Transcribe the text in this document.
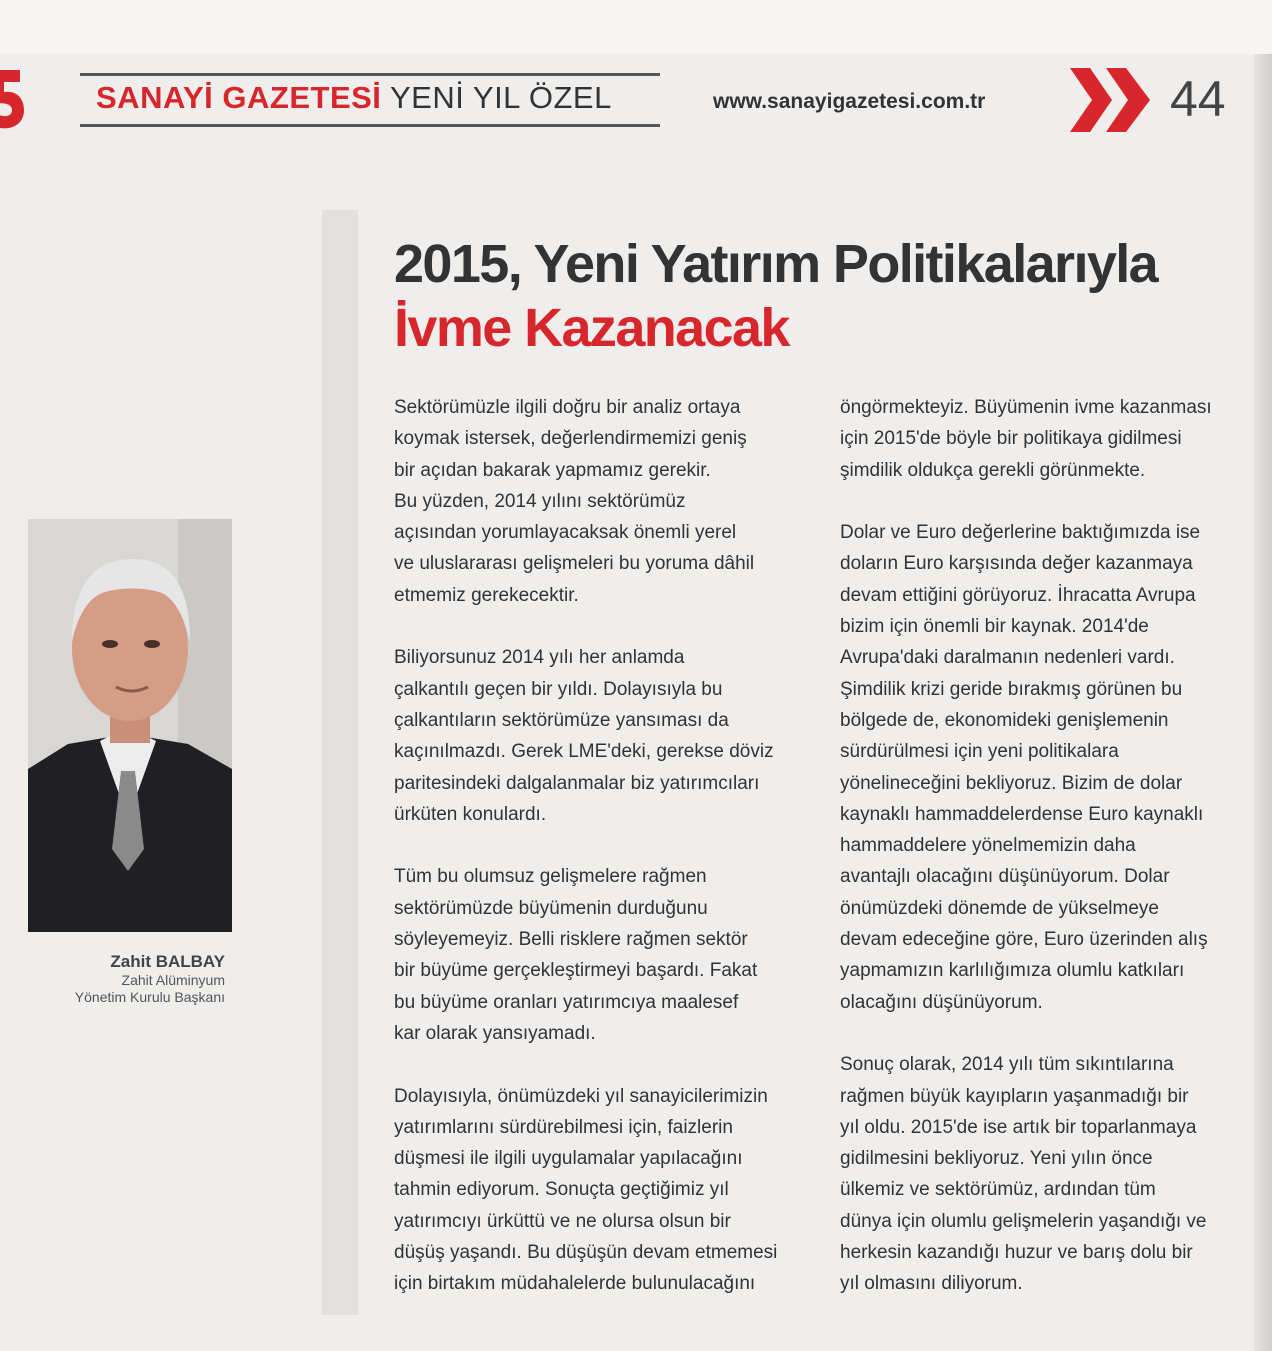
SANAYİ GAZETESİ YENİ YIL ÖZEL	www.sanayigazetesi.com.tr	44
2015, Yeni Yatırım Politikalarıyla
İvme Kazanacak
Zahit BALBAY
Zahit Alüminyum
Yönetim Kurulu Başkanı

Sektörümüzle ilgili doğru bir analiz ortaya
koymak istersek, değerlendirmemizi geniş
bir açıdan bakarak yapmamız gerekir.
Bu yüzden, 2014 yılını sektörümüz
açısından yorumlayacaksak önemli yerel
ve uluslararası gelişmeleri bu yoruma dâhil
etmemiz gerekecektir.

Biliyorsunuz 2014 yılı her anlamda
çalkantılı geçen bir yıldı. Dolayısıyla bu
çalkantıların sektörümüze yansıması da
kaçınılmazdı. Gerek LME'deki, gerekse döviz
paritesindeki dalgalanmalar biz yatırımcıları
ürküten konulardı.

Tüm bu olumsuz gelişmelere rağmen
sektörümüzde büyümenin durduğunu
söyleyemeyiz. Belli risklere rağmen sektör
bir büyüme gerçekleştirmeyi başardı. Fakat
bu büyüme oranları yatırımcıya maalesef
kar olarak yansıyamadı.

Dolayısıyla, önümüzdeki yıl sanayicilerimizin
yatırımlarını sürdürebilmesi için, faizlerin
düşmesi ile ilgili uygulamalar yapılacağını
tahmin ediyorum. Sonuçta geçtiğimiz yıl
yatırımcıyı ürküttü ve ne olursa olsun bir
düşüş yaşandı. Bu düşüşün devam etmemesi
için birtakım müdahalelerde bulunulacağını

öngörmekteyiz. Büyümenin ivme kazanması
için 2015'de böyle bir politikaya gidilmesi
şimdilik oldukça gerekli görünmekte.

Dolar ve Euro değerlerine baktığımızda ise
doların Euro karşısında değer kazanmaya
devam ettiğini görüyoruz. İhracatta Avrupa
bizim için önemli bir kaynak. 2014'de
Avrupa'daki daralmanın nedenleri vardı.
Şimdilik krizi geride bırakmış görünen bu
bölgede de, ekonomideki genişlemenin
sürdürülmesi için yeni politikalara
yönelineceğini bekliyoruz. Bizim de dolar
kaynaklı hammaddelerdense Euro kaynaklı
hammaddelere yönelmemizin daha
avantajlı olacağını düşünüyorum. Dolar
önümüzdeki dönemde de yükselmeye
devam edeceğine göre, Euro üzerinden alış
yapmamızın karlılığımıza olumlu katkıları
olacağını düşünüyorum.

Sonuç olarak, 2014 yılı tüm sıkıntılarına
rağmen büyük kayıpların yaşanmadığı bir
yıl oldu. 2015'de ise artık bir toparlanmaya
gidilmesini bekliyoruz. Yeni yılın önce
ülkemiz ve sektörümüz, ardından tüm
dünya için olumlu gelişmelerin yaşandığı ve
herkesin kazandığı huzur ve barış dolu bir
yıl olmasını diliyorum.
